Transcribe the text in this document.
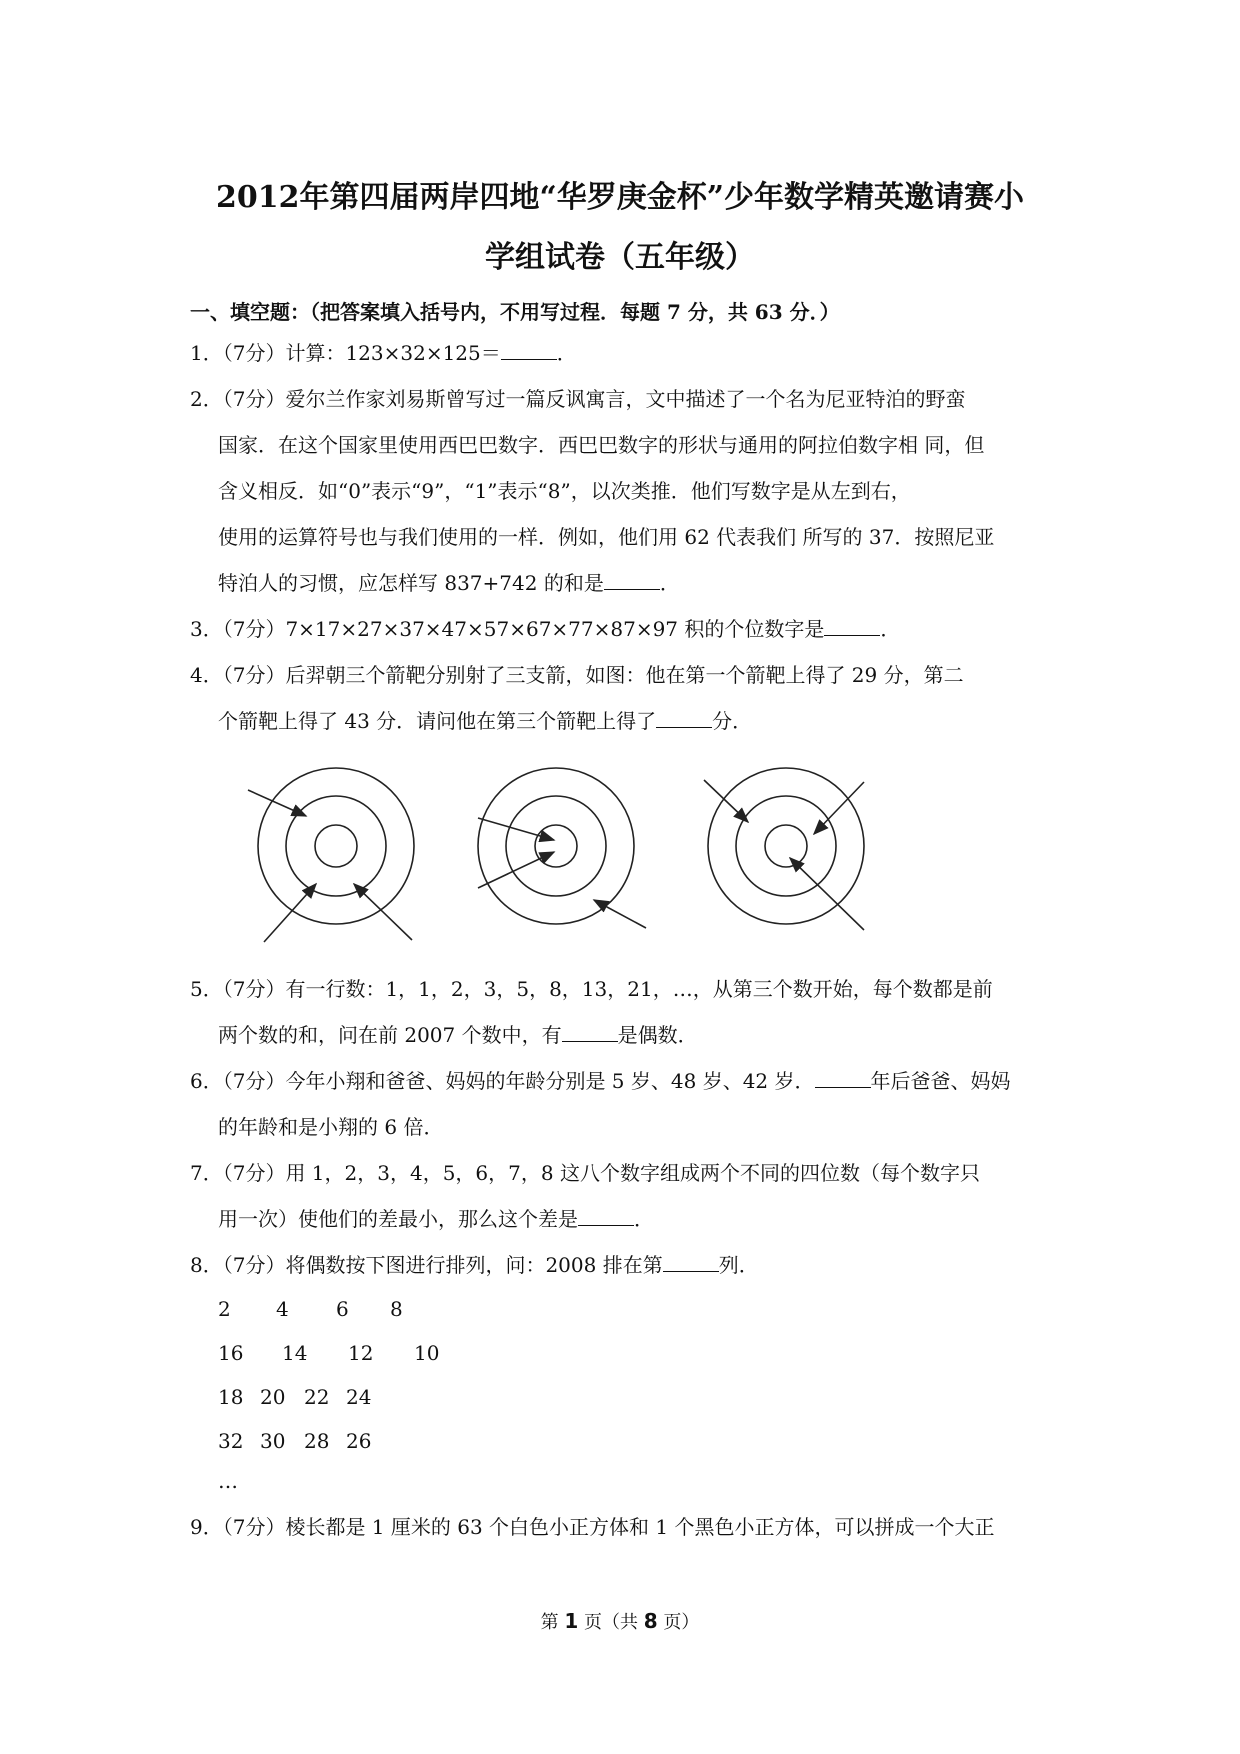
2012年第四届两岸四地“华罗庚金杯”少年数学精英邀请赛小
学组试卷（五年级）
一、填空题：（把答案填入括号内，不用写过程．每题 7 分，共 63 分．）
1．（7分）计算：123×32×125＝	．
2．（7分）爱尔兰作家刘易斯曾写过一篇反讽寓言，文中描述了一个名为尼亚特泊的野蛮
国家．在这个国家里使用西巴巴数字．西巴巴数字的形状与通用的阿拉伯数字相 同，但
含义相反．如“0”表示“9”，“1”表示“8”，以次类推．他们写数字是从左到右，
使用的运算符号也与我们使用的一样．例如，他们用 62 代表我们 所写的 37．按照尼亚
特泊人的习惯，应怎样写 837+742 的和是	．
3．（7分）7×17×27×37×47×57×67×77×87×97 积的个位数字是	．
4．（7分）后羿朝三个箭靶分别射了三支箭，如图：他在第一个箭靶上得了 29 分，第二
个箭靶上得了 43 分．请问他在第三个箭靶上得了	分．
5．（7分）有一行数：1，1，2，3，5，8，13，21，…，从第三个数开始，每个数都是前
两个数的和，问在前 2007 个数中，有	是偶数．
6．（7分）今年小翔和爸爸、妈妈的年龄分别是 5 岁、48 岁、42 岁．	年后爸爸、妈妈
的年龄和是小翔的 6 倍．
7．（7分）用 1，2，3，4，5，6，7，8 这八个数字组成两个不同的四位数（每个数字只
用一次）使他们的差最小，那么这个差是	．
8．（7分）将偶数按下图进行排列，问：2008 排在第	列．
2 4 6 8
16 14 12 10
18 20 22 24
32 30 28 26
…
9．（7分）棱长都是 1 厘米的 63 个白色小正方体和 1 个黑色小正方体，可以拼成一个大正
第 1 页（共 8 页）
